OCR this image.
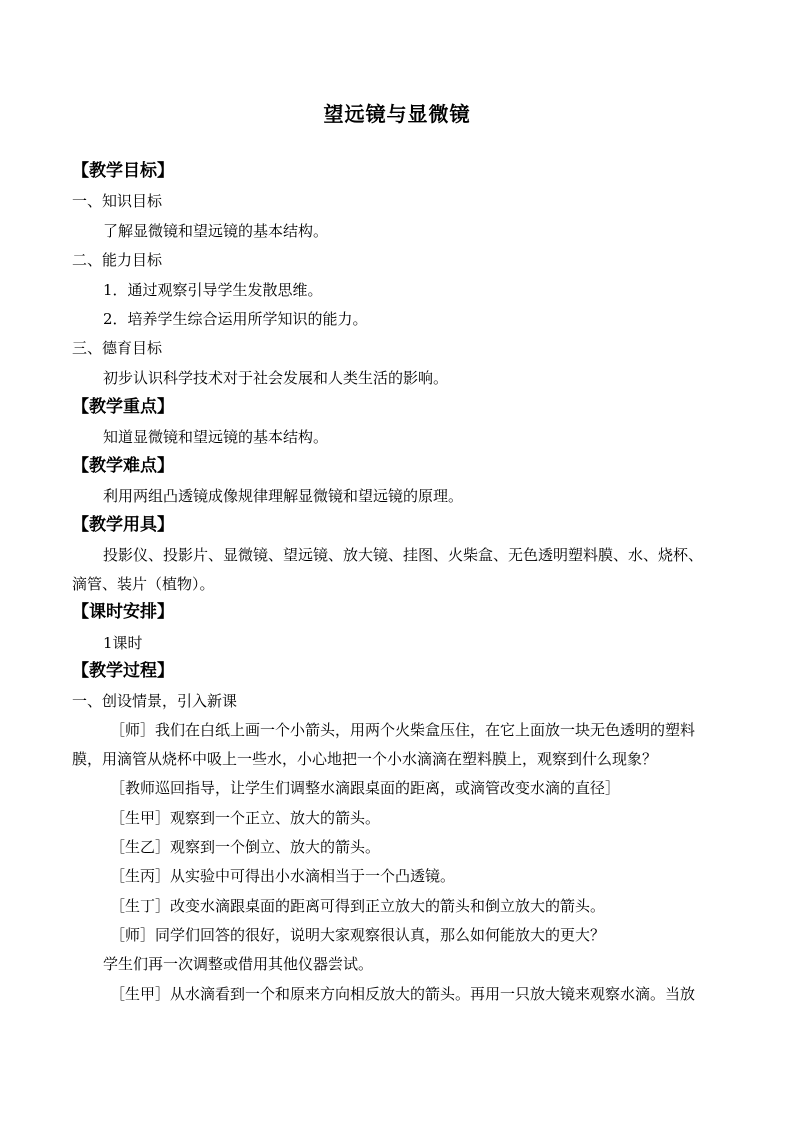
望远镜与显微镜
【教学目标】
一、知识目标
了解显微镜和望远镜的基本结构。
二、能力目标
1．通过观察引导学生发散思维。
2．培养学生综合运用所学知识的能力。
三、德育目标
初步认识科学技术对于社会发展和人类生活的影响。
【教学重点】
知道显微镜和望远镜的基本结构。
【教学难点】
利用两组凸透镜成像规律理解显微镜和望远镜的原理。
【教学用具】
投影仪、投影片、显微镜、望远镜、放大镜、挂图、火柴盒、无色透明塑料膜、水、烧杯、
滴管、装片（植物）。
【课时安排】
1课时
【教学过程】
一、创设情景，引入新课
［师］我们在白纸上画一个小箭头，用两个火柴盒压住，在它上面放一块无色透明的塑料
膜，用滴管从烧杯中吸上一些水，小心地把一个小水滴滴在塑料膜上，观察到什么现象？
［教师巡回指导，让学生们调整水滴跟桌面的距离，或滴管改变水滴的直径］
［生甲］观察到一个正立、放大的箭头。
［生乙］观察到一个倒立、放大的箭头。
［生丙］从实验中可得出小水滴相当于一个凸透镜。
［生丁］改变水滴跟桌面的距离可得到正立放大的箭头和倒立放大的箭头。
［师］同学们回答的很好，说明大家观察很认真，那么如何能放大的更大？
学生们再一次调整或借用其他仪器尝试。
［生甲］从水滴看到一个和原来方向相反放大的箭头。再用一只放大镜来观察水滴。当放
